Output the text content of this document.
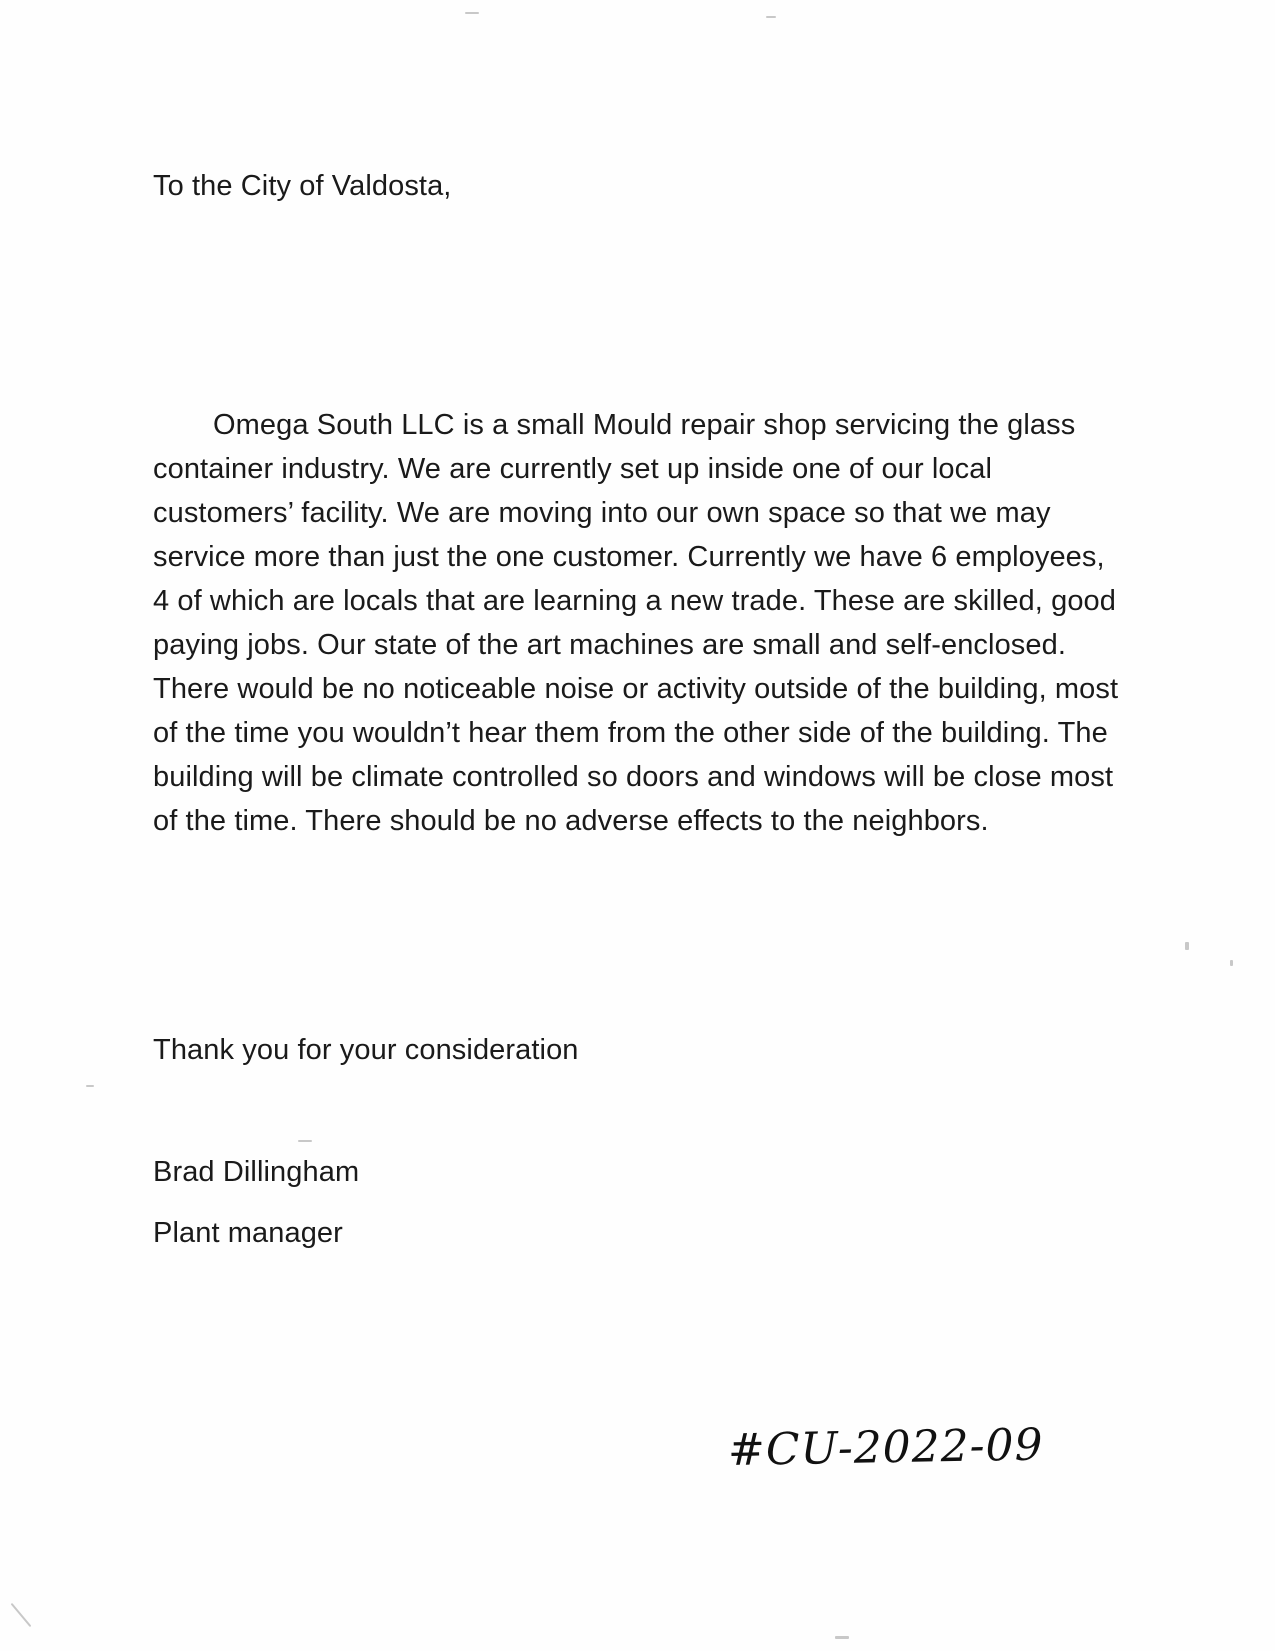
To the City of Valdosta,

Omega South LLC is a small Mould repair shop servicing the glass container industry. We are currently set up inside one of our local customers’ facility. We are moving into our own space so that we may service more than just the one customer. Currently we have 6 employees, 4 of which are locals that are learning a new trade. These are skilled, good paying jobs. Our state of the art machines are small and self-enclosed. There would be no noticeable noise or activity outside of the building, most of the time you wouldn’t hear them from the other side of the building. The building will be climate controlled so doors and windows will be close most of the time. There should be no adverse effects to the neighbors.

Thank you for your consideration
Brad Dillingham
Plant manager
#CU-2022-09
